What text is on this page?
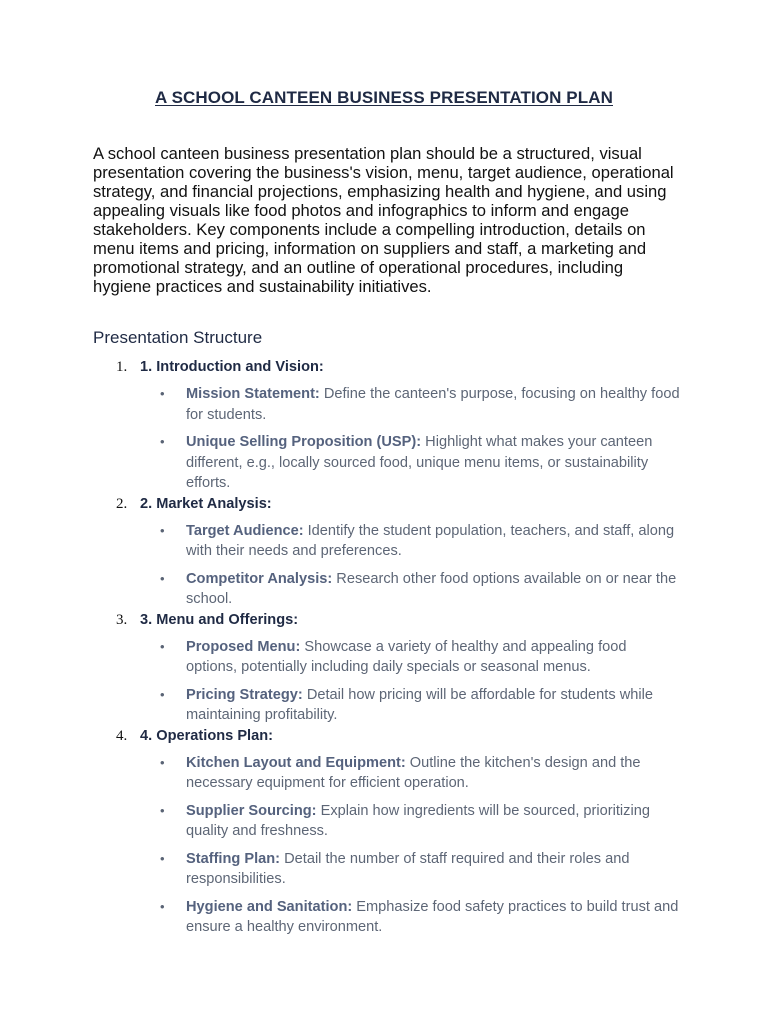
A SCHOOL CANTEEN BUSINESS PRESENTATION PLAN

A school canteen business presentation plan should be a structured, visual presentation covering the business's vision, menu, target audience, operational strategy, and financial projections, emphasizing health and hygiene, and using appealing visuals like food photos and infographics to inform and engage stakeholders. Key components include a compelling introduction, details on menu items and pricing, information on suppliers and staff, a marketing and promotional strategy, and an outline of operational procedures, including hygiene practices and sustainability initiatives.

Presentation Structure

1. 1. Introduction and Vision:
• Mission Statement: Define the canteen's purpose, focusing on healthy food for students.
• Unique Selling Proposition (USP): Highlight what makes your canteen different, e.g., locally sourced food, unique menu items, or sustainability efforts.
2. 2. Market Analysis:
• Target Audience: Identify the student population, teachers, and staff, along with their needs and preferences.
• Competitor Analysis: Research other food options available on or near the school.
3. 3. Menu and Offerings:
• Proposed Menu: Showcase a variety of healthy and appealing food options, potentially including daily specials or seasonal menus.
• Pricing Strategy: Detail how pricing will be affordable for students while maintaining profitability.
4. 4. Operations Plan:
• Kitchen Layout and Equipment: Outline the kitchen's design and the necessary equipment for efficient operation.
• Supplier Sourcing: Explain how ingredients will be sourced, prioritizing quality and freshness.
• Staffing Plan: Detail the number of staff required and their roles and responsibilities.
• Hygiene and Sanitation: Emphasize food safety practices to build trust and ensure a healthy environment.
